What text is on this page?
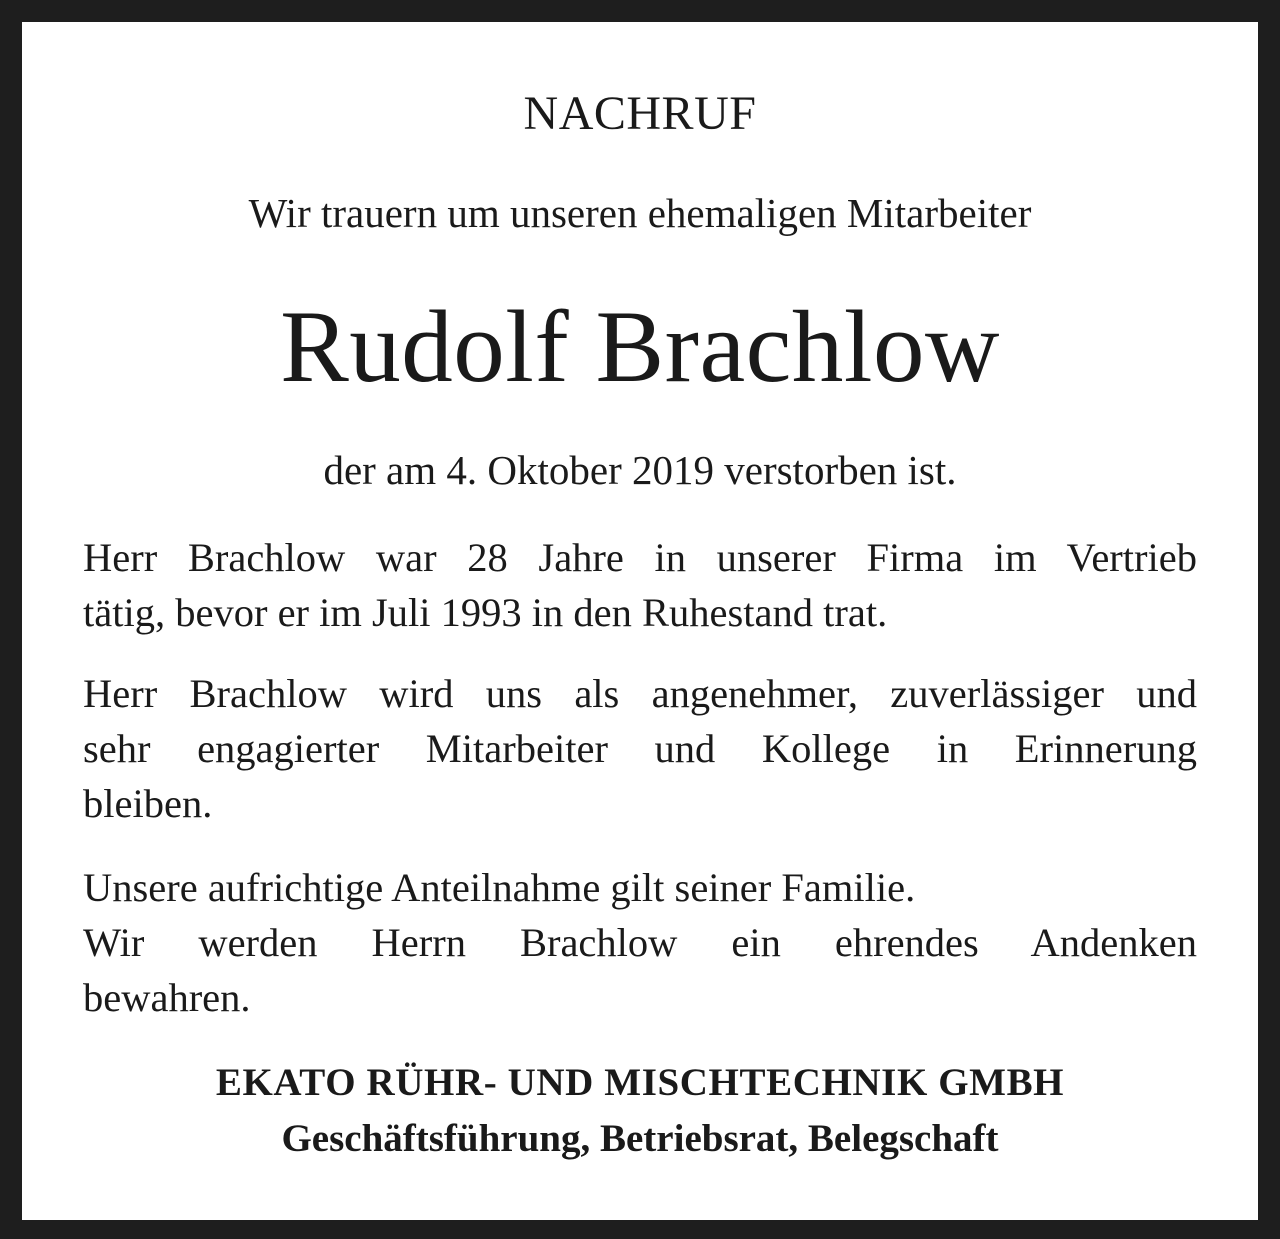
NACHRUF
Wir trauern um unseren ehemaligen Mitarbeiter
Rudolf Brachlow
der am 4. Oktober 2019 verstorben ist.
Herr Brachlow war 28 Jahre in unserer Firma im Vertrieb
tätig, bevor er im Juli 1993 in den Ruhestand trat.
Herr Brachlow wird uns als angenehmer, zuverlässiger und
sehr engagierter Mitarbeiter und Kollege in Erinnerung
bleiben.
Unsere aufrichtige Anteilnahme gilt seiner Familie.
Wir werden Herrn Brachlow ein ehrendes Andenken
bewahren.
EKATO RÜHR- UND MISCHTECHNIK GMBH
Geschäftsführung, Betriebsrat, Belegschaft
